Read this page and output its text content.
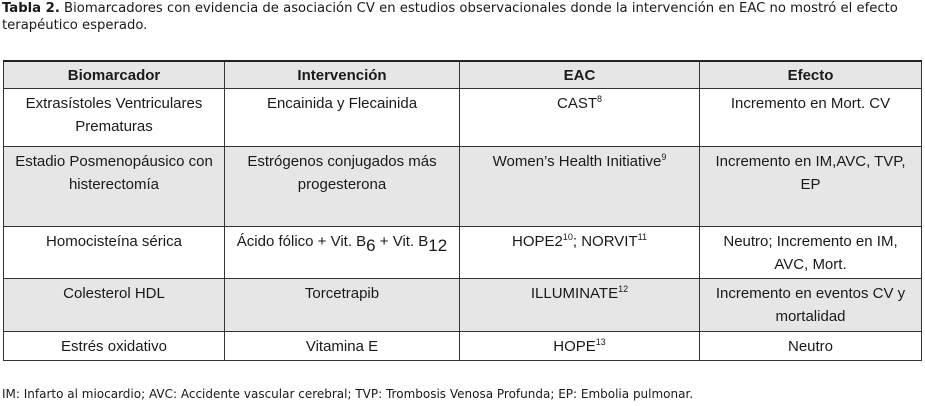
Tabla 2. Biomarcadores con evidencia de asociación CV en estudios observacionales donde la intervención en EAC no mostró el efecto terapéutico esperado.
Biomarcador	Intervención	EAC	Efecto
Extrasístoles Ventriculares Prematuras	Encainida y Flecainida	CAST$^8$	Incremento en Mort. CV
Estadio Posmenopáusico con histerectomía	Estrógenos conjugados más progesterona	Women’s Health Initiative$^9$	Incremento en IM,AVC, TVP, EP
Homocisteína sérica	Ácido fólico + Vit. $B_6$ + Vit. $B_{12}$	$HOPE2^{10}$; NORVIT$^{11}$	Neutro; Incremento en IM, AVC, Mort.
Colesterol HDL	Torcetrapib	ILLUMINATE$^{12}$	Incremento en eventos CV y mortalidad
Estrés oxidativo	Vitamina E	HOPE$^{13}$	Neutro
IM: Infarto al miocardio; AVC: Accidente vascular cerebral; TVP: Trombosis Venosa Profunda; EP: Embolia pulmonar.
